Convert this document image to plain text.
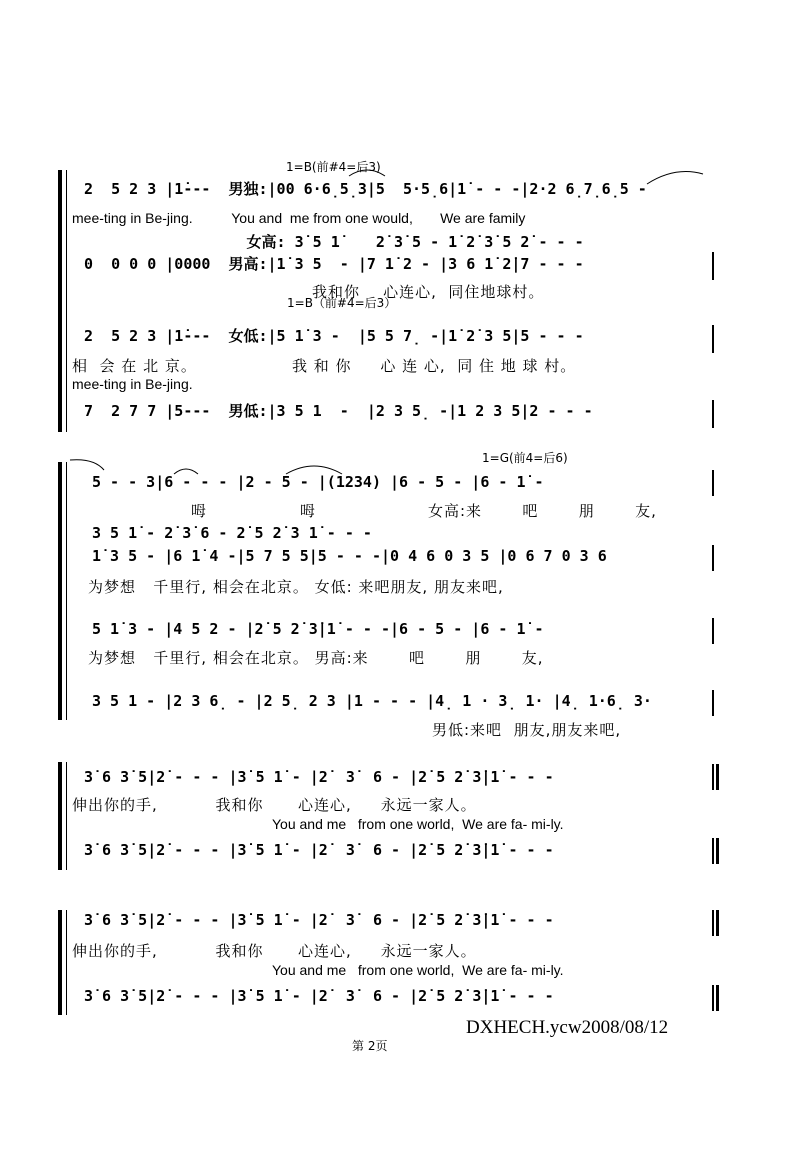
1=B(前#4=后3)
2  5 2 3 |1̇---  男独:|00 6·6̣5̣3|5  5·5̣6|1̇ - - -|2·2 6̣7̣6̣5 -
mee-ting in Be-jing.          You and  me from one would,       We are family
女高: 3̇ 5 1̇    2̇ 3̇ 5 - 1̇ 2̇ 3̇ 5 2̇ - - -
0  0 0 0 |0000  男高:|1̇ 3 5  - |7 1̇ 2 - |3 6 1̇ 2̇|7 - - -
我和你    心连心,  同住地球村。
1=B（前#4=后3）
2  5 2 3 |1̇---  女低:|5 1̇ 3 -  |5 5 7̣ -|1̇ 2̇ 3 5|5 - - -
相  会 在 北 京。	我 和 你     心 连 心,  同 住 地 球 村。
mee-ting in Be-jing.
7  2 7 7 |5---  男低:|3 5 1  -  |2 3 5̣ -|1 2 3 5|2 - - -
1=G(前4=后6)
5 - - 3|6 - - - |2 - 5 - |(1234) |6 - 5 - |6 - 1̇ -
呣	呣	女高:来       吧       朋       友,
3 5 1̇ - 2̇ 3̇ 6 - 2̇ 5 2̇ 3 1̇ - - -
1̇ 3 5 - |6 1̇ 4 -|5 7 5 5|5 - - -|0 4 6 0 3 5 |0 6 7 0 3 6
为梦想   千里行, 相会在北京。 女低: 来吧朋友, 朋友来吧,
5 1̇ 3 - |4 5 2 - |2̇ 5 2̇ 3̇|1̇ - - -|6 - 5 - |6 - 1̇ -
为梦想   千里行, 相会在北京。 男高:来       吧       朋       友,
3 5 1 - |2 3 6̣ - |2 5̣ 2 3 |1 - - - |4̣ 1 · 3̣ 1· |4̣ 1·6̣ 3·
男低:来吧  朋友,朋友来吧,
3̇ 6 3̇ 5|2̇ - - - |3̇ 5 1̇ - |2̇  3̇  6 - |2̇ 5 2̇ 3̇|1̇ - - -
伸出你的手,          我和你      心连心,     永远一家人。
You and me   from one world,  We are fa- mi-ly.
3̇ 6 3̇ 5|2̇ - - - |3̇ 5 1̇ - |2̇  3̇  6 - |2̇ 5 2̇ 3̇|1̇ - - -
3̇ 6 3̇ 5|2̇ - - - |3̇ 5 1̇ - |2̇  3̇  6 - |2̇ 5 2̇ 3̇|1̇ - - -
伸出你的手,          我和你      心连心,     永远一家人。
You and me   from one world,  We are fa- mi-ly.
3̇ 6 3̇ 5|2̇ - - - |3̇ 5 1̇ - |2̇  3̇  6 - |2̇ 5 2̇ 3̇|1̇ - - -
DXHECH.ycw2008/08/12
第 2页
